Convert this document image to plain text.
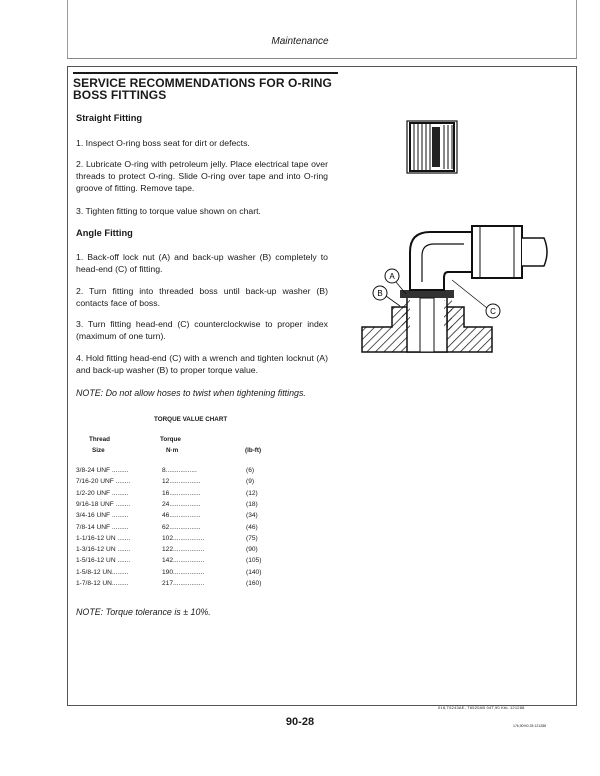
Maintenance
SERVICE RECOMMENDATIONS FOR O-RING
BOSS FITTINGS
Straight Fitting
1. Inspect O-ring boss seat for dirt or defects.
2. Lubricate O-ring with petroleum jelly. Place electrical tape over threads to protect O-ring. Slide O-ring over tape and into O-ring groove of fitting. Remove tape.
3. Tighten fitting to torque value shown on chart.
Angle Fitting
1. Back-off lock nut (A) and back-up washer (B) completely to head-end (C) of fitting.
2. Turn fitting into threaded boss until back-up washer (B) contacts face of boss.
3. Turn fitting head-end (C) counterclockwise to proper index (maximum of one turn).
4. Hold fitting head-end (C) with a wrench and tighten locknut (A) and back-up washer (B) to proper torque value.
NOTE: Do not allow hoses to twist when tightening fittings.
TORQUE VALUE CHART
Thread
Size
Torque
N·m	(lb-ft)
3/8-24 UNF .........	8.................	(6)
7/16-20 UNF ........	12.................	(9)
1/2-20 UNF .........	16.................	(12)
9/16-18 UNF ........	24.................	(18)
3/4-16 UNF .........	46.................	(34)
7/8-14 UNF .........	62.................	(46)
1-1/16-12 UN .......	102.................	(75)
1-3/16-12 UN .......	122.................	(90)
1-5/16-12 UN .......	142.................	(105)
1-5/8-12 UN.........	190.................	(140)
1-7/8-12 UN.........	217.................	(160)
NOTE: Torque tolerance is ± 10%.
A
B
C
018,T6243AE, T6520AB 04T,90 KbL 121288
90-28	17k,90%0 28 121288
